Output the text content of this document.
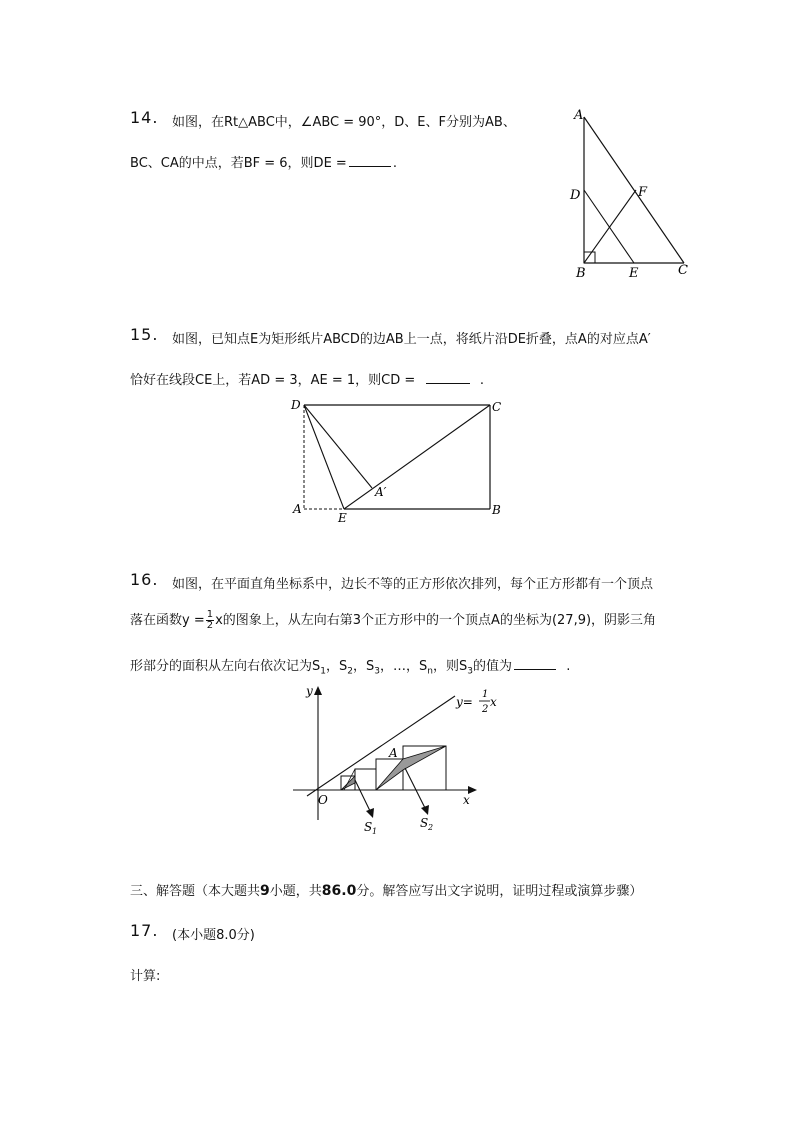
14. 如图，在Rt△ABC中，∠ABC = 90°，D、E、F分别为AB、
BC、CA的中点，若BF = 6，则DE =	.
A
D	F
B	E	C
15. 如图，已知点E为矩形纸片ABCD的边AB上一点，将纸片沿DE折叠，点A的对应点A′
恰好在线段CE上，若AD = 3，AE = 1，则CD =	.
D	C
A
E
B
A′
16. 如图，在平面直角坐标系中，边长不等的正方形依次排列，每个正方形都有一个顶点
落在函数$y = \frac{1}{2}$ x的图象上，从左向右第3个正方形中的一个顶点A的坐标为(27,9)，阴影三角
形部分的面积从左向右依次记为$S_1$，$S_2$，$S_3$，…，$S_n$，则$S_3$的值为	.
y
x
O
A
S 1
S 2
y=
1
2
x
三、解答题（本大题共9小题，共86.0分。解答应写出文字说明，证明过程或演算步骤）
17. (本小题8.0分)
计算:
